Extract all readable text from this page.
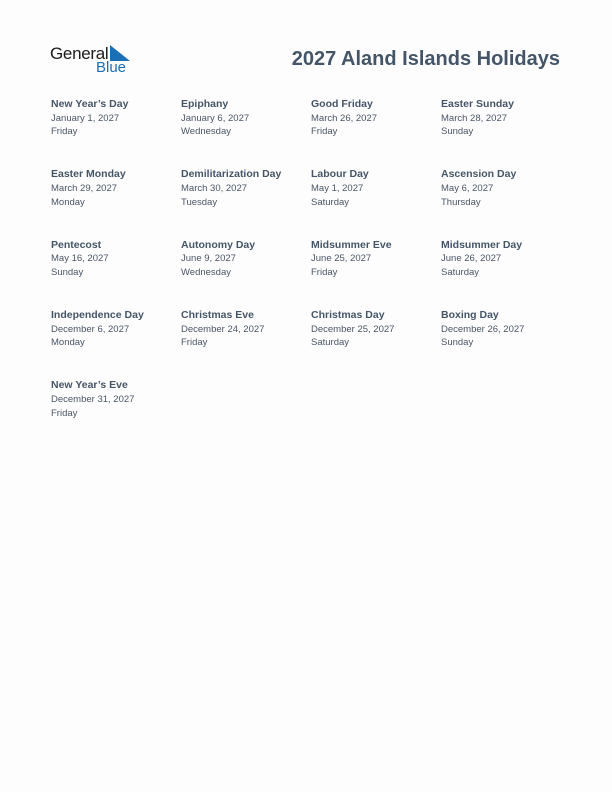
General
Blue	2027 Aland Islands Holidays
New Year’s Day
January 1, 2027
Friday
Epiphany
January 6, 2027
Wednesday
Good Friday
March 26, 2027
Friday
Easter Sunday
March 28, 2027
Sunday
Easter Monday
March 29, 2027
Monday
Demilitarization Day
March 30, 2027
Tuesday
Labour Day
May 1, 2027
Saturday
Ascension Day
May 6, 2027
Thursday
Pentecost
May 16, 2027
Sunday
Autonomy Day
June 9, 2027
Wednesday
Midsummer Eve
June 25, 2027
Friday
Midsummer Day
June 26, 2027
Saturday
Independence Day
December 6, 2027
Monday
Christmas Eve
December 24, 2027
Friday
Christmas Day
December 25, 2027
Saturday
Boxing Day
December 26, 2027
Sunday
New Year’s Eve
December 31, 2027
Friday
